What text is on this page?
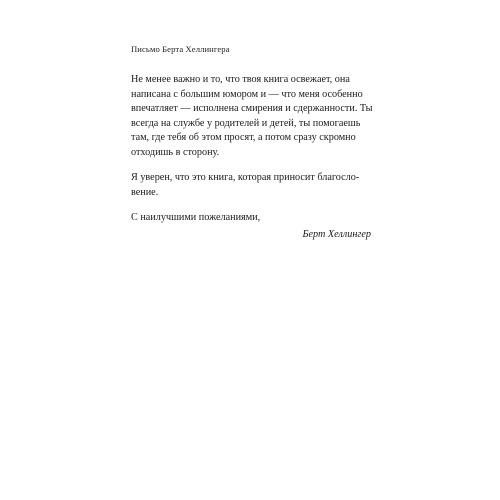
Письмо Берта Хеллингера
Не менее важно и то, что твоя книга освежает, она
написана с большим юмором и — что меня особенно
впечатляет — исполнена смирения и сдержанности. Ты
всегда на службе у родителей и детей, ты помогаешь
там, где тебя об этом просят, а потом сразу скромно
отходишь в сторону.
Я уверен, что это книга, которая приносит благосло-
вение.
С наилучшими пожеланиями,
Берт Хеллингер
